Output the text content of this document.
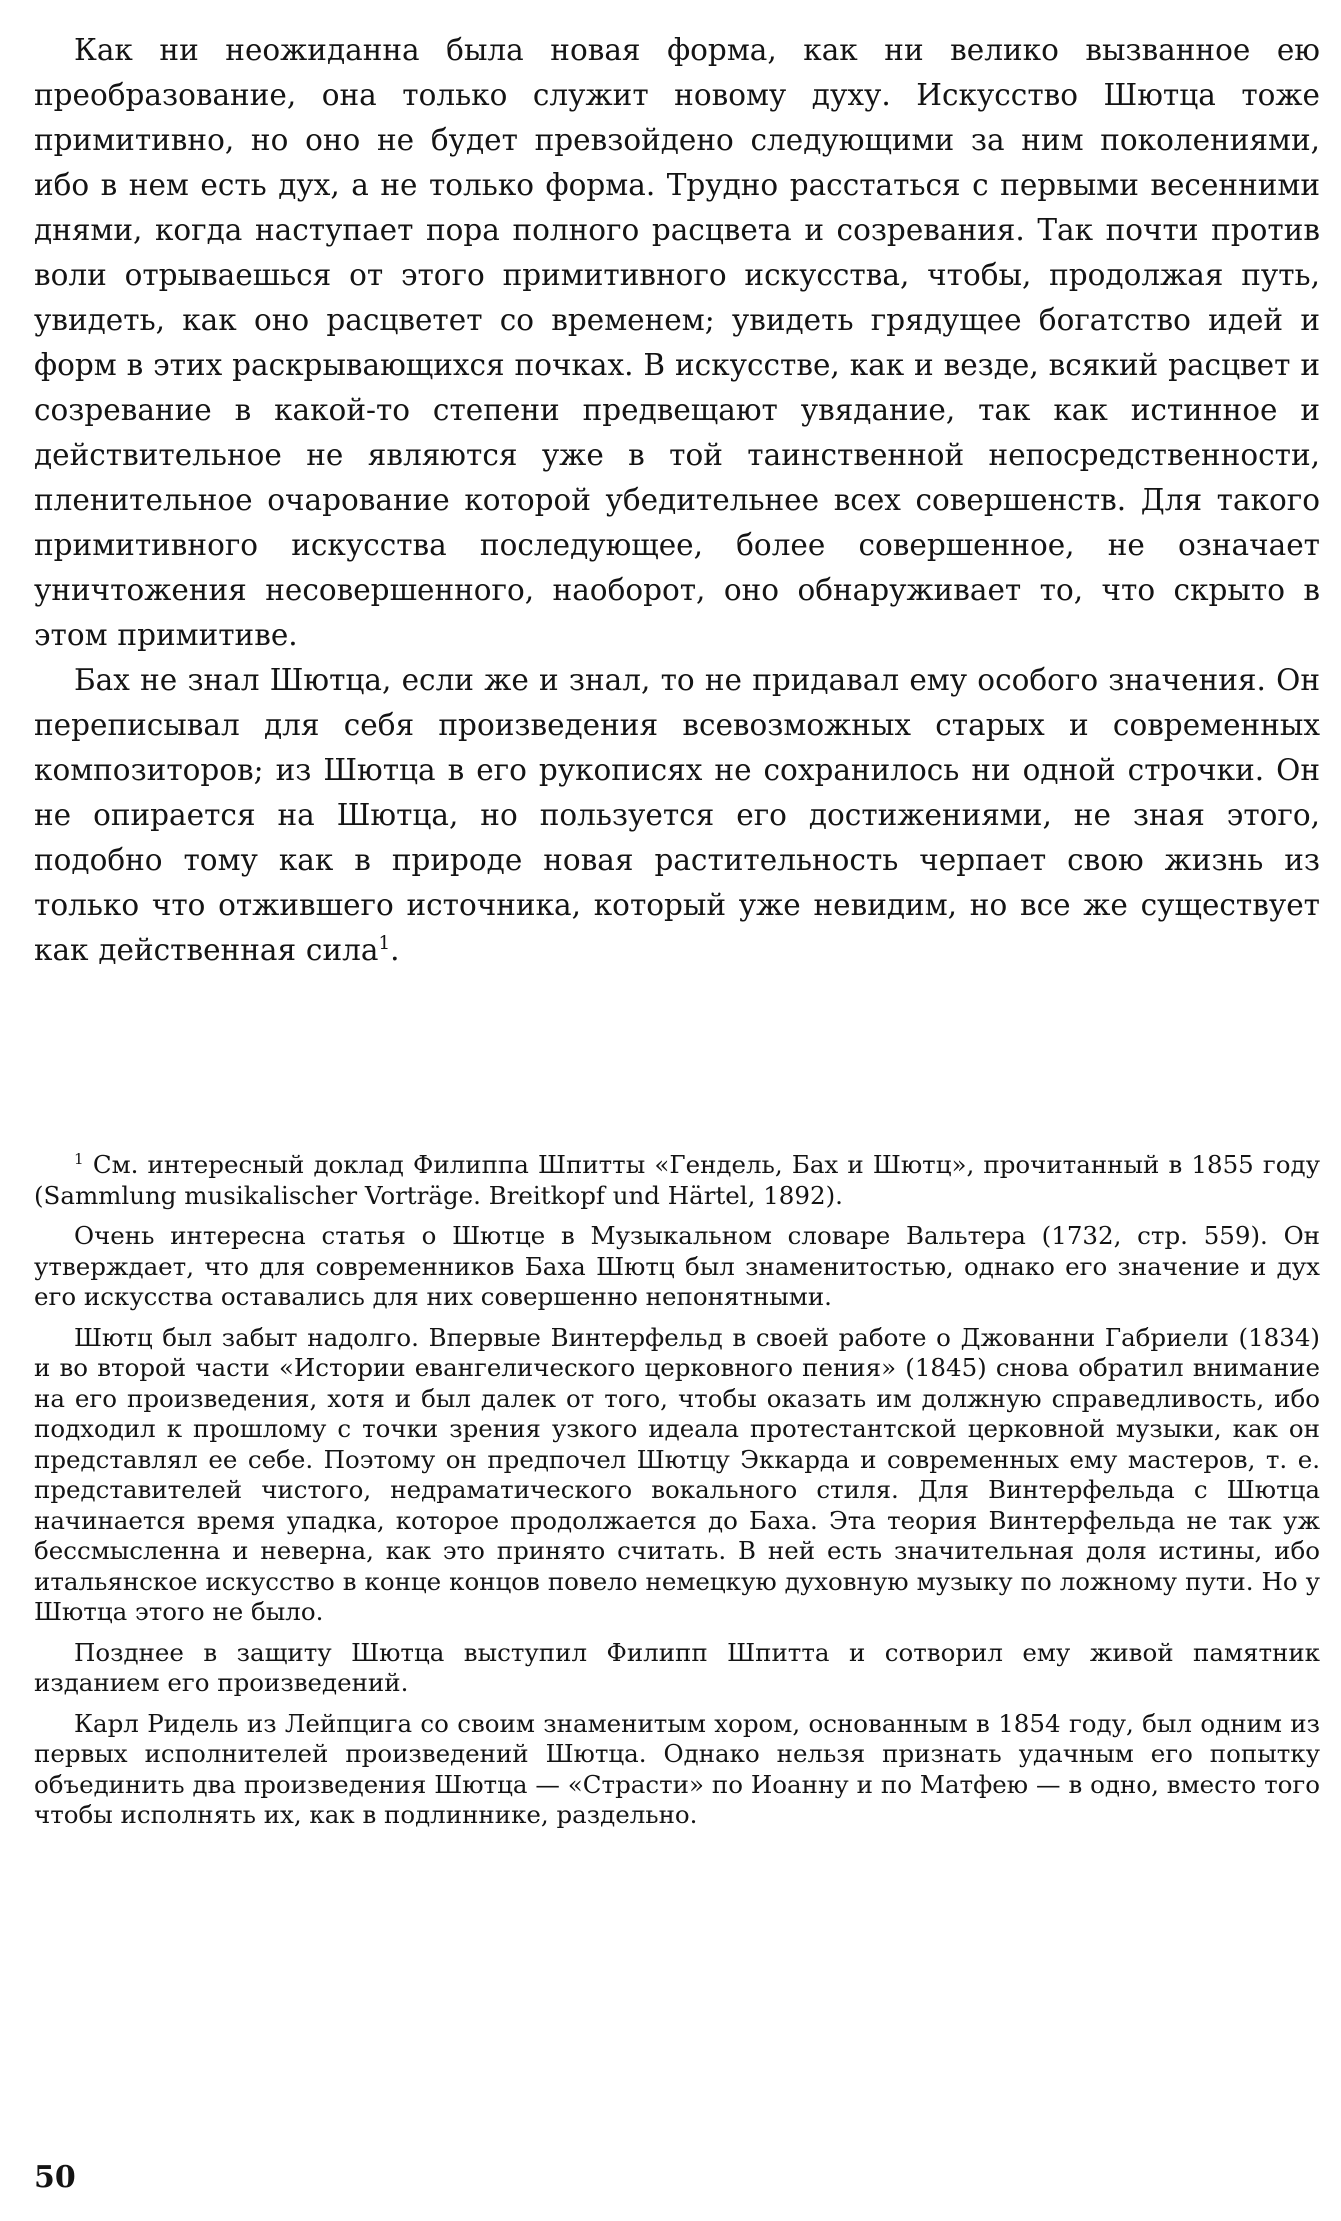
Как ни неожиданна была новая форма, как ни велико вызванное ею преобразование, она только служит новому духу. Искусство Шютца тоже примитивно, но оно не будет превзойдено следующими за ним поколениями, ибо в нем есть дух, а не только форма. Трудно расстаться с первыми весенними днями, когда наступает пора полного расцвета и созревания. Так почти против воли отрываешься от этого примитивного искусства, чтобы, продолжая путь, увидеть, как оно расцветет со временем; увидеть грядущее богатство идей и форм в этих раскрывающихся почках. В искусстве, как и везде, всякий расцвет и созревание в какой-то степени предвещают увядание, так как истинное и действительное не являются уже в той таинственной непосредственности, пленительное очарование которой убедительнее всех совершенств. Для такого примитивного искусства последующее, более совершенное, не означает уничтожения несовершенного, наоборот, оно обнаруживает то, что скрыто в этом примитиве.

Бах не знал Шютца, если же и знал, то не придавал ему особого значения. Он переписывал для себя произведения всевозможных старых и современных композиторов; из Шютца в его рукописях не сохранилось ни одной строчки. Он не опирается на Шютца, но пользуется его достижениями, не зная этого, подобно тому как в природе новая растительность черпает свою жизнь из только что отжившего источника, который уже невидим, но все же существует как действенная сила$^1$.

$^1$ См. интересный доклад Филиппа Шпитты «Гендель, Бах и Шютц», прочитанный в 1855 году (Sammlung musikalischer Vorträge. Breitkopf und Härtel, 1892).

Очень интересна статья о Шютце в Музыкальном словаре Вальтера (1732, стр. 559). Он утверждает, что для современников Баха Шютц был знаменитостью, однако его значение и дух его искусства оставались для них совершенно непонятными.

Шютц был забыт надолго. Впервые Винтерфельд в своей работе о Джованни Габриели (1834) и во второй части «Истории евангелического церковного пения» (1845) снова обратил внимание на его произведения, хотя и был далек от того, чтобы оказать им должную справедливость, ибо подходил к прошлому с точки зрения узкого идеала протестантской церковной музыки, как он представлял ее себе. Поэтому он предпочел Шютцу Эккарда и современных ему мастеров, т. е. представителей чистого, недраматического вокального стиля. Для Винтерфельда с Шютца начинается время упадка, которое продолжается до Баха. Эта теория Винтерфельда не так уж бессмысленна и неверна, как это принято считать. В ней есть значительная доля истины, ибо итальянское искусство в конце концов повело немецкую духовную музыку по ложному пути. Но у Шютца этого не было.

Позднее в защиту Шютца выступил Филипп Шпитта и сотворил ему живой памятник изданием его произведений.

Карл Ридель из Лейпцига со своим знаменитым хором, основанным в 1854 году, был одним из первых исполнителей произведений Шютца. Однако нельзя признать удачным его попытку объединить два произведения Шютца — «Страсти» по Иоанну и по Матфею — в одно, вместо того чтобы исполнять их, как в подлиннике, раздельно.

50
